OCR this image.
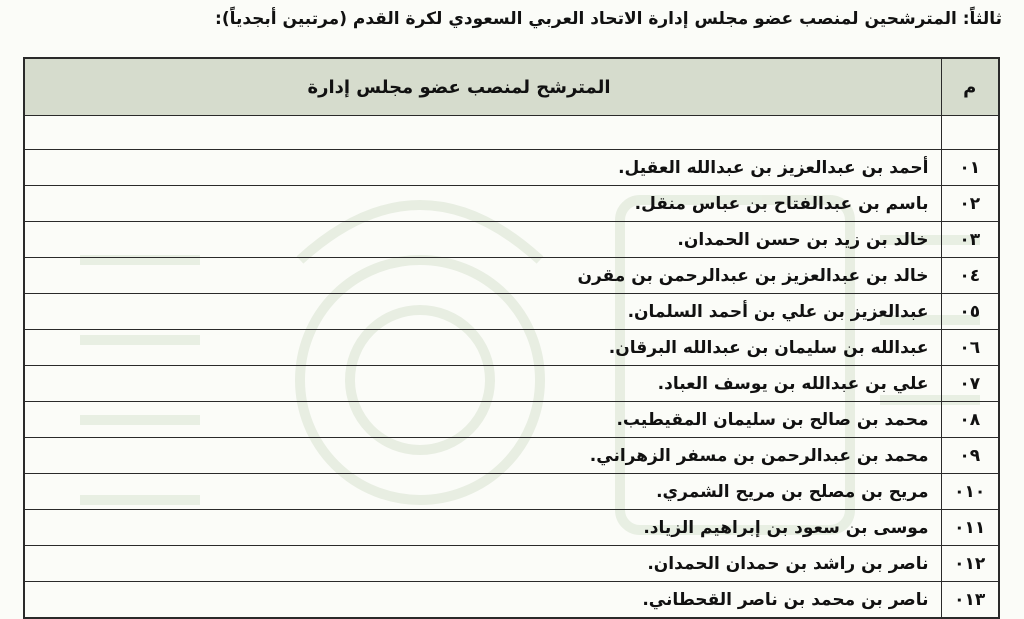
ثالثاً: المترشحين لمنصب عضو مجلس إدارة الاتحاد العربي السعودي لكرة القدم (مرتبين أبجدياً):
م	المترشح لمنصب عضو مجلس إدارة

٠١	أحمد بن عبدالعزيز بن عبدالله العقيل.
٠٢	باسم بن عبدالفتاح بن عباس منقل.
٠٣	خالد بن زيد بن حسن الحمدان.
٠٤	خالد بن عبدالعزيز بن عبدالرحمن بن مقرن
٠٥	عبدالعزيز بن علي بن أحمد السلمان.
٠٦	عبدالله بن سليمان بن عبدالله البرقان.
٠٧	علي بن عبدالله بن يوسف العباد.
٠٨	محمد بن صالح بن سليمان المقيطيب.
٠٩	محمد بن عبدالرحمن بن مسفر الزهراني.
٠١٠	مريح بن مصلح بن مريح الشمري.
٠١١	موسى بن سعود بن إبراهيم الزياد.
٠١٢	ناصر بن راشد بن حمدان الحمدان.
٠١٣	ناصر بن محمد بن ناصر القحطاني.
